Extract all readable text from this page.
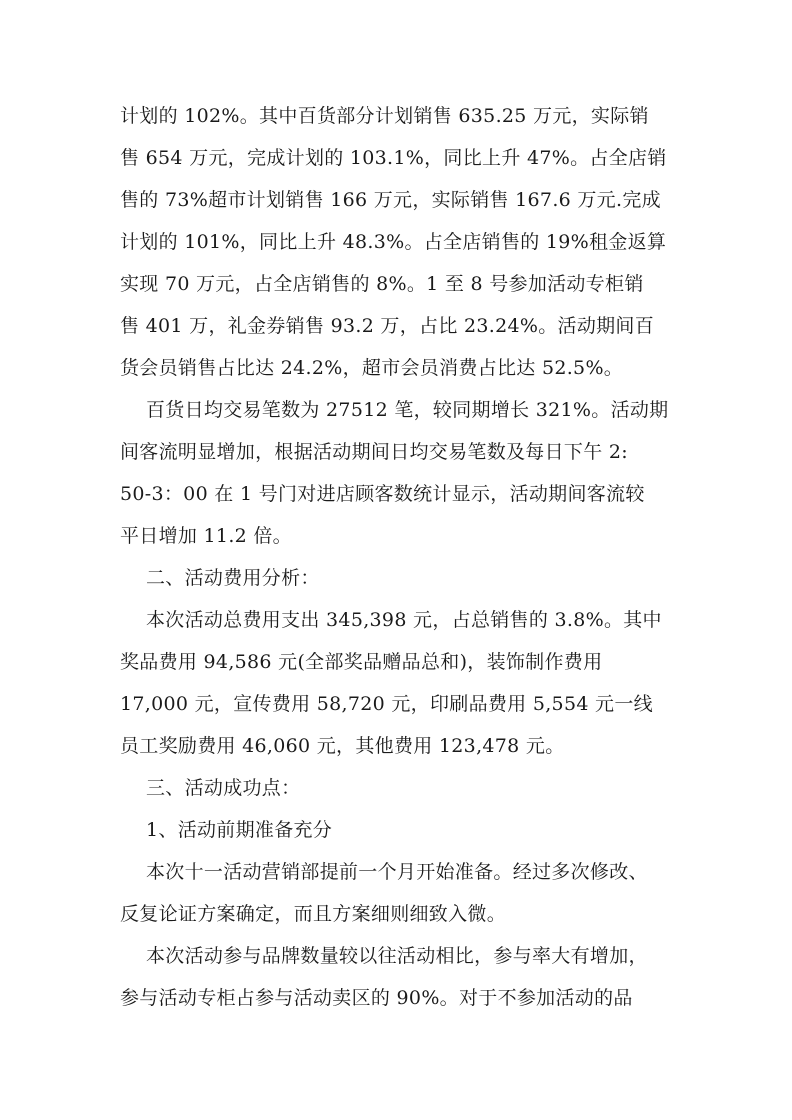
计划的 102%。其中百货部分计划销售 635.25 万元，实际销
售 654 万元，完成计划的 103.1%，同比上升 47%。占全店销
售的 73%超市计划销售 166 万元，实际销售 167.6 万元.完成
计划的 101%，同比上升 48.3%。占全店销售的 19%租金返算
实现 70 万元，占全店销售的 8%。1 至 8 号参加活动专柜销
售 401 万，礼金券销售 93.2 万，占比 23.24%。活动期间百
货会员销售占比达 24.2%，超市会员消费占比达 52.5%。
百货日均交易笔数为 27512 笔，较同期增长 321%。活动期
间客流明显增加，根据活动期间日均交易笔数及每日下午 2:
50-3：00 在 1 号门对进店顾客数统计显示，活动期间客流较
平日增加 11.2 倍。
二、活动费用分析：
本次活动总费用支出 345,398 元，占总销售的 3.8%。其中
奖品费用 94,586 元(全部奖品赠品总和)，装饰制作费用
17,000 元，宣传费用 58,720 元，印刷品费用 5,554 元一线
员工奖励费用 46,060 元，其他费用 123,478 元。
三、活动成功点：
1、活动前期准备充分
本次十一活动营销部提前一个月开始准备。经过多次修改、
反复论证方案确定，而且方案细则细致入微。
本次活动参与品牌数量较以往活动相比，参与率大有增加，
参与活动专柜占参与活动卖区的 90%。对于不参加活动的品
